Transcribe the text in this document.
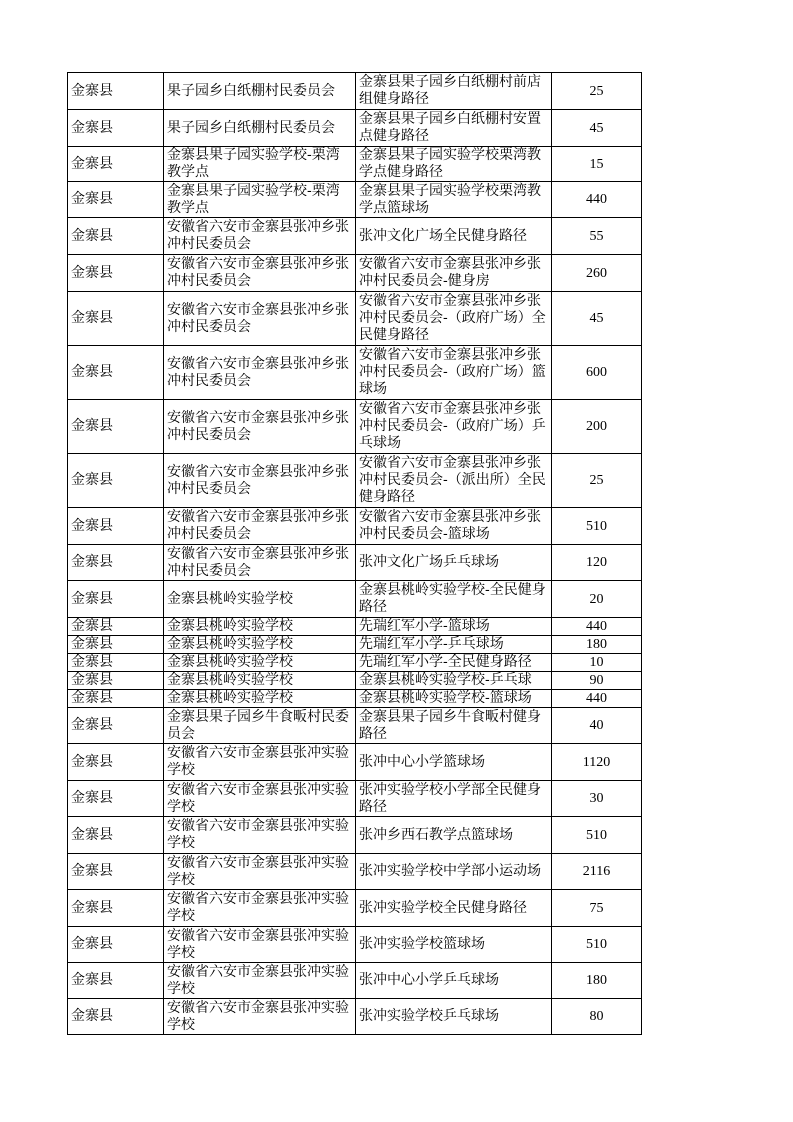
金寨县	果子园乡白纸棚村民委员会	金寨县果子园乡白纸棚村前店组健身路径	25
金寨县	果子园乡白纸棚村民委员会	金寨县果子园乡白纸棚村安置点健身路径	45
金寨县	金寨县果子园实验学校-栗湾教学点	金寨县果子园实验学校栗湾教学点健身路径	15
金寨县	金寨县果子园实验学校-栗湾教学点	金寨县果子园实验学校栗湾教学点篮球场	440
金寨县	安徽省六安市金寨县张冲乡张冲村民委员会	张冲文化广场全民健身路径	55
金寨县	安徽省六安市金寨县张冲乡张冲村民委员会	安徽省六安市金寨县张冲乡张冲村民委员会-健身房	260
金寨县	安徽省六安市金寨县张冲乡张冲村民委员会	安徽省六安市金寨县张冲乡张冲村民委员会-（政府广场）全民健身路径	45
金寨县	安徽省六安市金寨县张冲乡张冲村民委员会	安徽省六安市金寨县张冲乡张冲村民委员会-（政府广场）篮球场	600
金寨县	安徽省六安市金寨县张冲乡张冲村民委员会	安徽省六安市金寨县张冲乡张冲村民委员会-（政府广场）乒乓球场	200
金寨县	安徽省六安市金寨县张冲乡张冲村民委员会	安徽省六安市金寨县张冲乡张冲村民委员会-（派出所）全民健身路径	25
金寨县	安徽省六安市金寨县张冲乡张冲村民委员会	安徽省六安市金寨县张冲乡张冲村民委员会-篮球场	510
金寨县	安徽省六安市金寨县张冲乡张冲村民委员会	张冲文化广场乒乓球场	120
金寨县	金寨县桃岭实验学校	金寨县桃岭实验学校-全民健身路径	20
金寨县	金寨县桃岭实验学校	先瑞红军小学-篮球场	440
金寨县	金寨县桃岭实验学校	先瑞红军小学-乒乓球场	180
金寨县	金寨县桃岭实验学校	先瑞红军小学-全民健身路径	10
金寨县	金寨县桃岭实验学校	金寨县桃岭实验学校-乒乓球	90
金寨县	金寨县桃岭实验学校	金寨县桃岭实验学校-篮球场	440
金寨县	金寨县果子园乡牛食畈村民委员会	金寨县果子园乡牛食畈村健身路径	40
金寨县	安徽省六安市金寨县张冲实验学校	张冲中心小学篮球场	1120
金寨县	安徽省六安市金寨县张冲实验学校	张冲实验学校小学部全民健身路径	30
金寨县	安徽省六安市金寨县张冲实验学校	张冲乡西石教学点篮球场	510
金寨县	安徽省六安市金寨县张冲实验学校	张冲实验学校中学部小运动场	2116
金寨县	安徽省六安市金寨县张冲实验学校	张冲实验学校全民健身路径	75
金寨县	安徽省六安市金寨县张冲实验学校	张冲实验学校篮球场	510
金寨县	安徽省六安市金寨县张冲实验学校	张冲中心小学乒乓球场	180
金寨县	安徽省六安市金寨县张冲实验学校	张冲实验学校乒乓球场	80
